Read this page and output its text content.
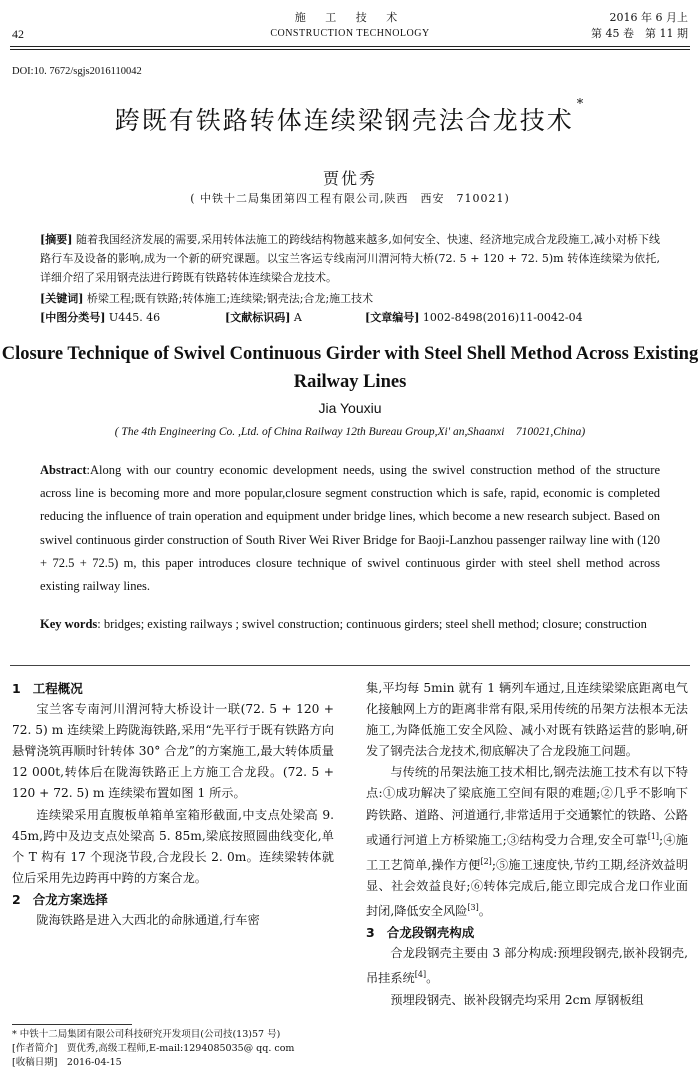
42
施 工 技 术
CONSTRUCTION TECHNOLOGY
2016 年 6 月上
第 45 卷　第 11 期
DOI:10. 7672/sgjs2016110042
跨既有铁路转体连续梁钢壳法合龙技术*
贾优秀
( 中铁十二局集团第四工程有限公司,陕西　西安　710021)
[摘要] 随着我国经济发展的需要,采用转体法施工的跨线结构物越来越多,如何安全、快速、经济地完成合龙段施工,减小对桥下线路行车及设备的影响,成为一个新的研究课题。以宝兰客运专线南河川渭河特大桥(72. 5 + 120 + 72. 5)m 转体连续梁为依托,详细介绍了采用钢壳法进行跨既有铁路转体连续梁合龙技术。
[关键词] 桥梁工程;既有铁路;转体施工;连续梁;钢壳法;合龙;施工技术
[中图分类号] U445. 46	[文献标识码] A	[文章编号] 1002-8498(2016)11-0042-04
Closure Technique of Swivel Continuous Girder with Steel Shell Method Across Existing Railway Lines
Jia Youxiu
( The 4th Engineering Co. ,Ltd. of China Railway 12th Bureau Group,Xi' an,Shaanxi　710021,China)
Abstract:Along with our country economic development needs, using the swivel construction method of the structure across line is becoming more and more popular,closure segment construction which is safe, rapid, economic is completed reducing the influence of train operation and equipment under bridge lines, which become a new research subject. Based on swivel continuous girder construction of South River Wei River Bridge for Baoji-Lanzhou passenger railway line with (120 + 72.5 + 72.5) m, this paper introduces closure technique of swivel continuous girder with steel shell method across existing railway lines.
Key words: bridges; existing railways ; swivel construction; continuous girders; steel shell method; closure; construction
1 工程概况

宝兰客专南河川渭河特大桥设计一联(72. 5 + 120 + 72. 5) m 连续梁上跨陇海铁路,采用“先平行于既有铁路方向悬臂浇筑再顺时针转体 30° 合龙”的方案施工,最大转体质量12 000t,转体后在陇海铁路正上方施工合龙段。(72. 5 + 120 + 72. 5) m 连续梁布置如图 1 所示。

连续梁采用直腹板单箱单室箱形截面,中支点处梁高 9. 45m,跨中及边支点处梁高 5. 85m,梁底按照圆曲线变化,单个 T 构有 17 个现浇节段,合龙段长 2. 0m。连续梁转体就位后采用先边跨再中跨的方案合龙。

2 合龙方案选择

陇海铁路是进入大西北的命脉通道,行车密

集,平均每 5min 就有 1 辆列车通过,且连续梁梁底距离电气化接触网上方的距离非常有限,采用传统的吊架方法根本无法施工,为降低施工安全风险、减小对既有铁路运营的影响,研发了钢壳法合龙技术,彻底解决了合龙段施工问题。

与传统的吊架法施工技术相比,钢壳法施工技术有以下特点:①成功解决了梁底施工空间有限的难题;②几乎不影响下跨铁路、道路、河道通行,非常适用于交通繁忙的铁路、公路或通行河道上方桥梁施工;③结构受力合理,安全可靠[1];④施工工艺简单,操作方便[2];⑤施工速度快,节约工期,经济效益明显、社会效益良好;⑥转体完成后,能立即完成合龙口作业面封闭,降低安全风险[3]。

3 合龙段钢壳构成

合龙段钢壳主要由 3 部分构成:预埋段钢壳,嵌补段钢壳,吊挂系统[4]。

预埋段钢壳、嵌补段钢壳均采用 2cm 厚钢板组

* 中铁十二局集团有限公司科技研究开发项目(公司技(13)57 号)
[作者简介]　贾优秀,高级工程师,E-mail:1294085035@ qq. com
[收稿日期]　2016-04-15
